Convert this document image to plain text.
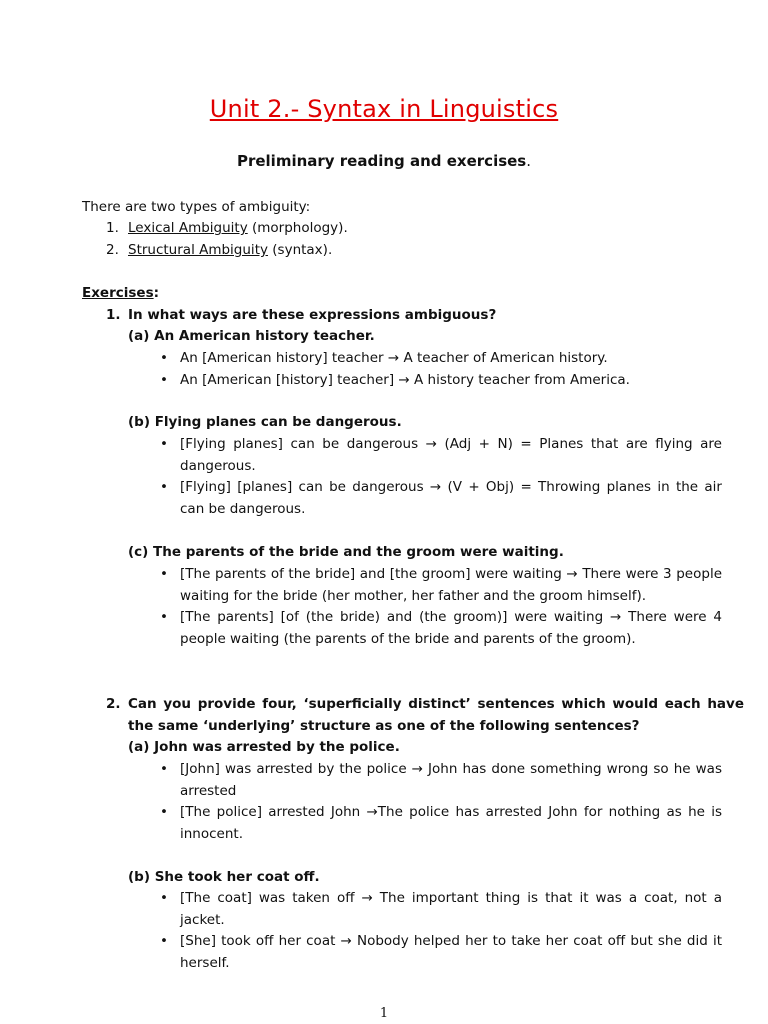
Unit 2.- Syntax in Linguistics
Preliminary reading and exercises.
There are two types of ambiguity:
1. Lexical Ambiguity (morphology).
2. Structural Ambiguity (syntax).
Exercises:
1. In what ways are these expressions ambiguous?
(a) An American history teacher.
• An [American history] teacher → A teacher of American history.
• An [American [history] teacher] → A history teacher from America.
(b) Flying planes can be dangerous.
• [Flying planes] can be dangerous → (Adj + N) = Planes that are flying are dangerous.
• [Flying] [planes] can be dangerous → (V + Obj) = Throwing planes in the air can be dangerous.
(c) The parents of the bride and the groom were waiting.
• [The parents of the bride] and [the groom] were waiting → There were 3 people waiting for the bride (her mother, her father and the groom himself).
• [The parents] [of (the bride) and (the groom)] were waiting → There were 4 people waiting (the parents of the bride and parents of the groom).
2. Can you provide four, ‘superficially distinct’ sentences which would each have the same ‘underlying’ structure as one of the following sentences?
(a) John was arrested by the police.
• [John] was arrested by the police → John has done something wrong so he was arrested
• [The police] arrested John →The police has arrested John for nothing as he is innocent.
(b) She took her coat off.
• [The coat] was taken off → The important thing is that it was a coat, not a jacket.
• [She] took off her coat → Nobody helped her to take her coat off but she did it herself.
1
